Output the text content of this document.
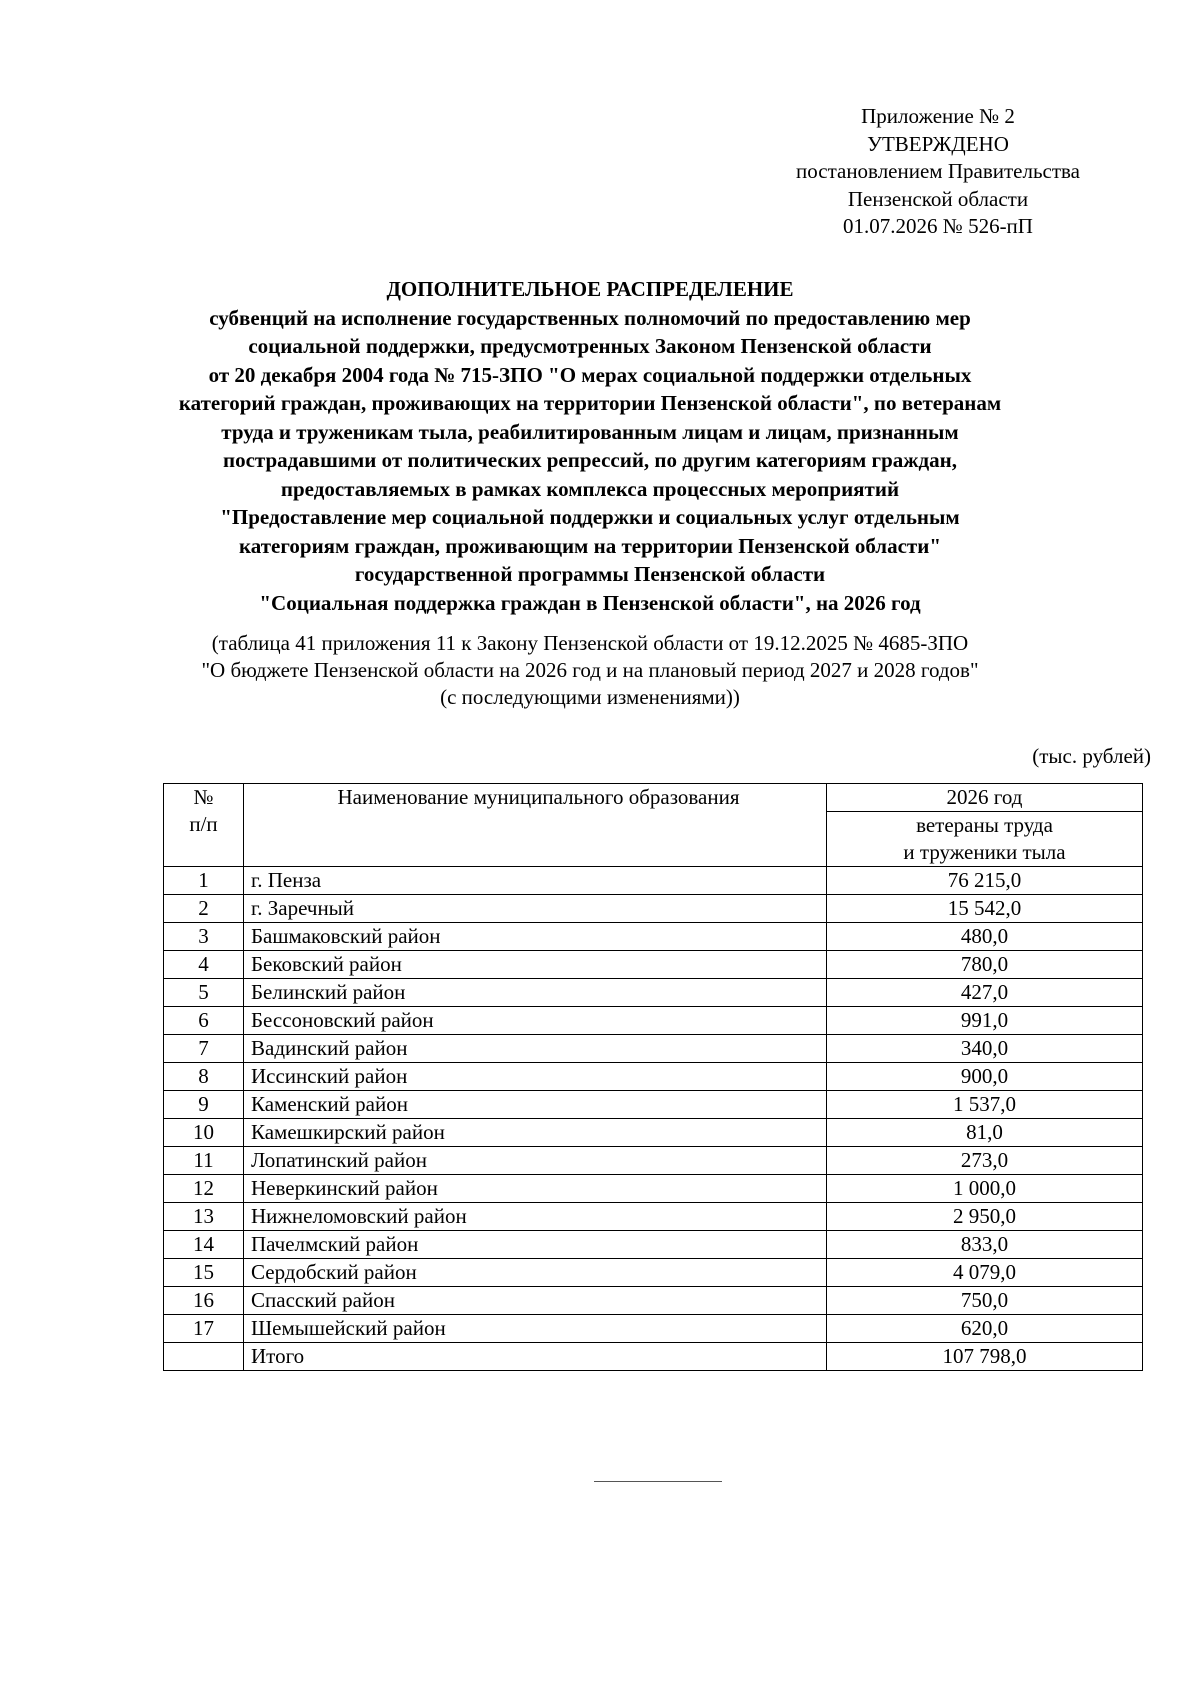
Приложение № 2
УТВЕРЖДЕНО
постановлением Правительства
Пензенской области
01.07.2026 № 526-пП
ДОПОЛНИТЕЛЬНОЕ РАСПРЕДЕЛЕНИЕ
субвенций на исполнение государственных полномочий по предоставлению мер
социальной поддержки, предусмотренных Законом Пензенской области
от 20 декабря 2004 года № 715-ЗПО "О мерах социальной поддержки отдельных
категорий граждан, проживающих на территории Пензенской области", по ветеранам
труда и труженикам тыла, реабилитированным лицам и лицам, признанным
пострадавшими от политических репрессий, по другим категориям граждан,
предоставляемых в рамках комплекса процессных мероприятий
"Предоставление мер социальной поддержки и социальных услуг отдельным
категориям граждан, проживающим на территории Пензенской области"
государственной программы Пензенской области
"Социальная поддержка граждан в Пензенской области", на 2026 год
(таблица 41 приложения 11 к Закону Пензенской области от 19.12.2025 № 4685-ЗПО
"О бюджете Пензенской области на 2026 год и на плановый период 2027 и 2028 годов"
(с последующими изменениями))
(тыс. рублей)
№
п/п	Наименование муниципального образования	2026 год
		ветераны труда
и труженики тыла
1	г. Пенза	76 215,0
2	г. Заречный	15 542,0
3	Башмаковский район	480,0
4	Бековский район	780,0
5	Белинский район	427,0
6	Бессоновский район	991,0
7	Вадинский район	340,0
8	Иссинский район	900,0
9	Каменский район	1 537,0
10	Камешкирский район	81,0
11	Лопатинский район	273,0
12	Неверкинский район	1 000,0
13	Нижнеломовский район	2 950,0
14	Пачелмский район	833,0
15	Сердобский район	4 079,0
16	Спасский район	750,0
17	Шемышейский район	620,0
	Итого	107 798,0
